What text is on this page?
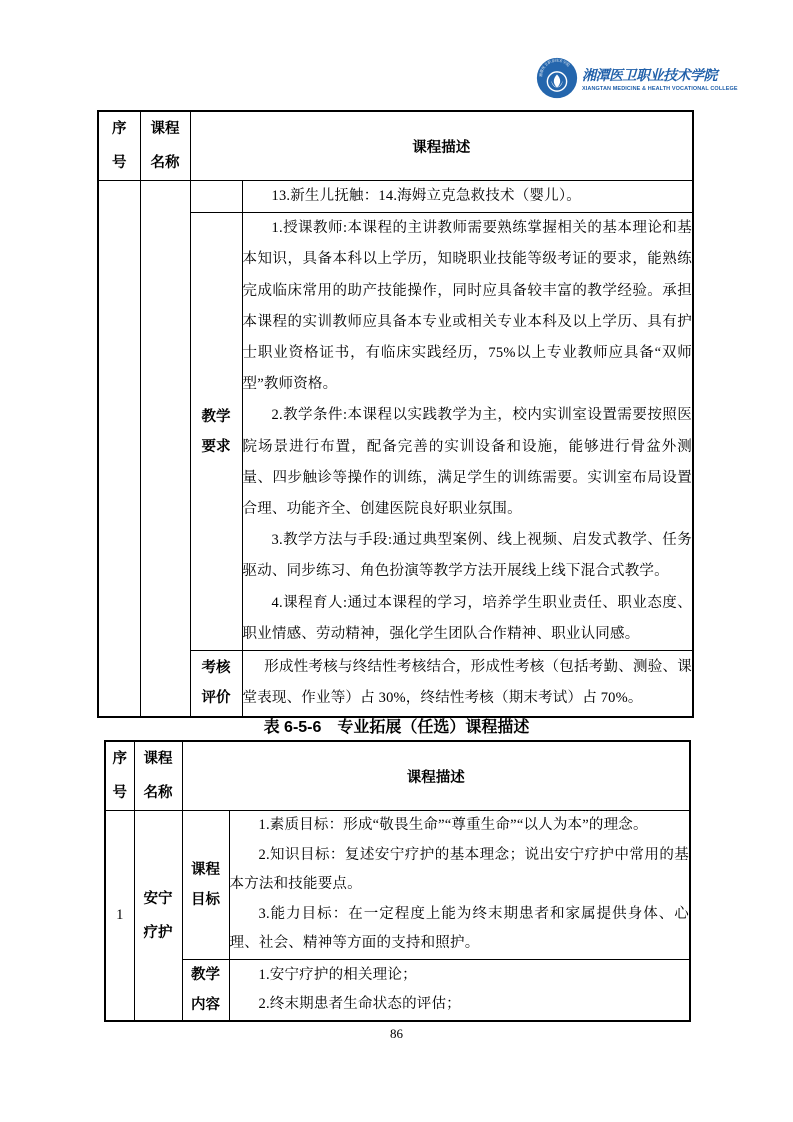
湘潭医卫职业技术学院
湘潭医卫职业技术学院
XIANGTAN MEDICINE & HEALTH VOCATIONAL COLLEGE
序号	课程名称	课程描述	

			13.新生儿抚触：14.海姆立克急救技术（婴儿）。

		教学要求	1.授课教师:本课程的主讲教师需要熟练掌握相关的基本理论和基本知识，具备本科以上学历，知晓职业技能等级考证的要求，能熟练完成临床常用的助产技能操作，同时应具备较丰富的教学经验。承担本课程的实训教师应具备本专业或相关专业本科及以上学历、具有护士职业资格证书，有临床实践经历，75%以上专业教师应具备“双师型”教师资格。

2.教学条件:本课程以实践教学为主，校内实训室设置需要按照医院场景进行布置，配备完善的实训设备和设施，能够进行骨盆外测量、四步触诊等操作的训练，满足学生的训练需要。实训室布局设置合理、功能齐全、创建医院良好职业氛围。

3.教学方法与手段:通过典型案例、线上视频、启发式教学、任务驱动、同步练习、角色扮演等教学方法开展线上线下混合式教学。

4.课程育人:通过本课程的学习，培养学生职业责任、职业态度、职业情感、劳动精神，强化学生团队合作精神、职业认同感。

		考核评价	形成性考核与终结性考核结合，形成性考核（包括考勤、测验、课堂表现、作业等）占 30%，终结性考核（期末考试）占 70%。

表 6-5-6　专业拓展（任选）课程描述
序号	课程名称	课程描述	
1	安宁疗护	课程目标	1.素质目标：形成“敬畏生命”“尊重生命”“以人为本”的理念。

2.知识目标：复述安宁疗护的基本理念；说出安宁疗护中常用的基本方法和技能要点。

3.能力目标：在一定程度上能为终末期患者和家属提供身体、心理、社会、精神等方面的支持和照护。

		教学内容	1.安宁疗护的相关理论；

2.终末期患者生命状态的评估；

86
